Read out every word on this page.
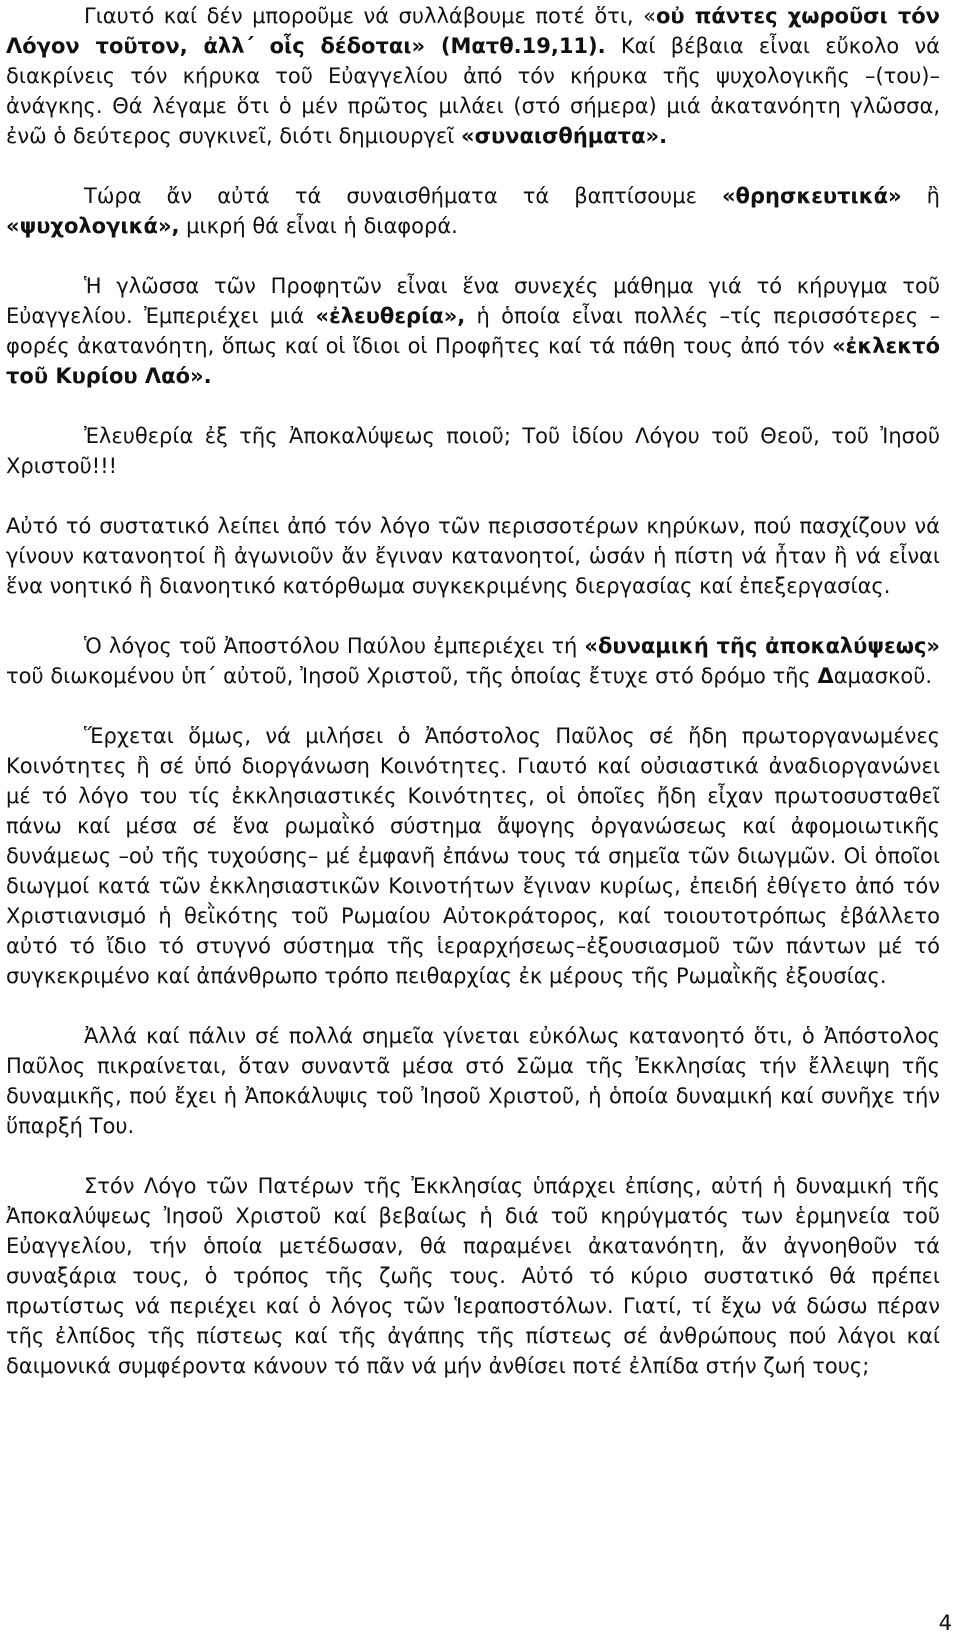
Γιαυτό καί δέν μποροῦμε νά συλλάβουμε ποτέ ὅτι, «οὐ πάντες χωροῦσι τόν Λόγον τοῦτον, ἀλλ΄ οἷς δέδοται» (Ματθ.19,11). Καί βέβαια εἶναι εὔκολο νά διακρίνεις τόν κήρυκα τοῦ Εὐαγγελίου ἀπό τόν κήρυκα τῆς ψυχολογικῆς –(του)– ἀνάγκης. Θά λέγαμε ὅτι ὁ μέν πρῶτος μιλάει (στό σήμερα) μιά ἀκατανόητη γλῶσσα, ἐνῶ ὁ δεύτερος συγκινεῖ, διότι δημιουργεῖ «συναισθήματα».

Τώρα ἄν αὐτά τά συναισθήματα τά βαπτίσουμε «θρησκευτικά» ἢ «ψυχολογικά», μικρή θά εἶναι ἡ διαφορά.

Ἡ γλῶσσα τῶν Προφητῶν εἶναι ἕνα συνεχές μάθημα γιά τό κήρυγμα τοῦ Εὐαγγελίου. Ἐμπεριέχει μιά «ἐλευθερία», ἡ ὁποία εἶναι πολλές –τίς περισσότερες – φορές ἀκατανόητη, ὅπως καί οἱ ἴδιοι οἱ Προφῆτες καί τά πάθη τους ἀπό τόν «ἐκλεκτό τοῦ Κυρίου Λαό».

Ἐλευθερία ἐξ τῆς Ἀποκαλύψεως ποιοῦ; Τοῦ ἰδίου Λόγου τοῦ Θεοῦ, τοῦ Ἰησοῦ Χριστοῦ!!!

Αὐτό τό συστατικό λείπει ἀπό τόν λόγο τῶν περισσοτέρων κηρύκων, πού πασχίζουν νά γίνουν κατανοητοί ἢ ἀγωνιοῦν ἄν ἔγιναν κατανοητοί, ὡσάν ἡ πίστη νά ἦταν ἢ νά εἶναι ἕνα νοητικό ἢ διανοητικό κατόρθωμα συγκεκριμένης διεργασίας καί ἐπεξεργασίας.

Ὁ λόγος τοῦ Ἀποστόλου Παύλου ἐμπεριέχει τή «δυναμική τῆς ἀποκαλύψεως» τοῦ διωκομένου ὑπ΄ αὐτοῦ, Ἰησοῦ Χριστοῦ, τῆς ὁποίας ἔτυχε στό δρόμο τῆς Δαμασκοῦ.

Ἕρχεται ὅμως, νά μιλήσει ὁ Ἀπόστολος Παῦλος σέ ἤδη πρωτοργανωμένες Κοινότητες ἢ σέ ὑπό διοργάνωση Κοινότητες. Γιαυτό καί οὐσιαστικά ἀναδιοργανώνει μέ τό λόγο του τίς ἐκκλησιαστικές Κοινότητες, οἱ ὁποῖες ἤδη εἶχαν πρωτοσυσταθεῖ πάνω καί μέσα σέ ἕνα ρωμαῒκό σύστημα ἄψογης ὀργανώσεως καί ἀφομοιωτικῆς δυνάμεως –οὐ τῆς τυχούσης– μέ ἐμφανῆ ἐπάνω τους τά σημεῖα τῶν διωγμῶν. Οἱ ὁποῖοι διωγμοί κατά τῶν ἐκκλησιαστικῶν Κοινοτήτων ἔγιναν κυρίως, ἐπειδή ἐθίγετο ἀπό τόν Χριστιανισμό ἡ θεῒκότης τοῦ Ρωμαίου Αὐτοκράτορος, καί τοιουτοτρόπως ἐβάλλετο αὐτό τό ἴδιο τό στυγνό σύστημα τῆς ἱεραρχήσεως–ἐξουσιασμοῦ τῶν πάντων μέ τό συγκεκριμένο καί ἀπάνθρωπο τρόπο πειθαρχίας ἐκ μέρους τῆς Ρωμαῒκῆς ἐξουσίας.

Ἀλλά καί πάλιν σέ πολλά σημεῖα γίνεται εὐκόλως κατανοητό ὅτι, ὁ Ἀπόστολος Παῦλος πικραίνεται, ὅταν συναντᾶ μέσα στό Σῶμα τῆς Ἐκκλησίας τήν ἔλλειψη τῆς δυναμικῆς, πού ἔχει ἡ Ἀποκάλυψις τοῦ Ἰησοῦ Χριστοῦ, ἡ ὁποία δυναμική καί συνῆχε τήν ὕπαρξή Του.

Στόν Λόγο τῶν Πατέρων τῆς Ἐκκλησίας ὑπάρχει ἐπίσης, αὐτή ἡ δυναμική τῆς Ἀποκαλύψεως Ἰησοῦ Χριστοῦ καί βεβαίως ἡ διά τοῦ κηρύγματός των ἑρμηνεία τοῦ Εὐαγγελίου, τήν ὁποία μετέδωσαν, θά παραμένει ἀκατανόητη, ἄν ἀγνοηθοῦν τά συναξάρια τους, ὁ τρόπος τῆς ζωῆς τους. Αὐτό τό κύριο συστατικό θά πρέπει πρωτίστως νά περιέχει καί ὁ λόγος τῶν Ἱεραποστόλων. Γιατί, τί ἔχω νά δώσω πέραν τῆς ἐλπίδος τῆς πίστεως καί τῆς ἀγάπης τῆς πίστεως σέ ἀνθρώπους πού λάγοι καί δαιμονικά συμφέροντα κάνουν τό πᾶν νά μήν ἀνθίσει ποτέ ἐλπίδα στήν ζωή τους;

4
